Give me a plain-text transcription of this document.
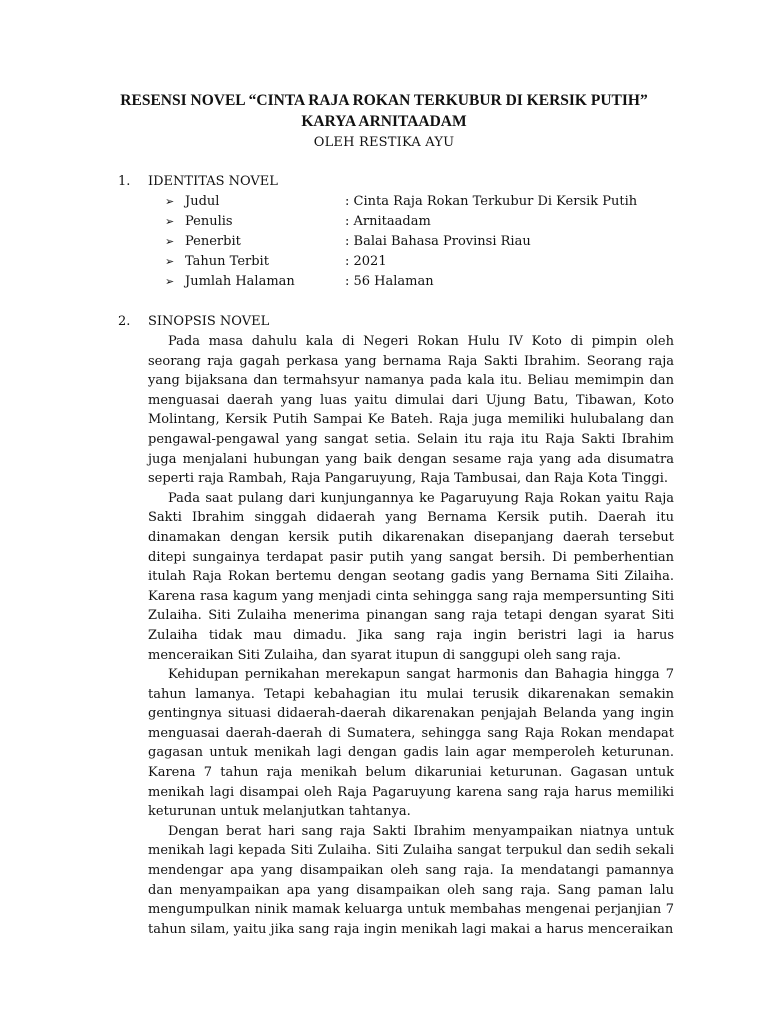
RESENSI NOVEL “CINTA RAJA ROKAN TERKUBUR DI KERSIK PUTIH”
KARYA ARNITAADAM
OLEH RESTIKA AYU
1. IDENTITAS NOVEL
➢ Judul	: Cinta Raja Rokan Terkubur Di Kersik Putih
➢ Penulis	: Arnitaadam
➢ Penerbit	: Balai Bahasa Provinsi Riau
➢ Tahun Terbit	: 2021
➢ Jumlah Halaman	: 56 Halaman
2. SINOPSIS NOVEL

Pada masa dahulu kala di Negeri Rokan Hulu IV Koto di pimpin oleh seorang raja gagah perkasa yang bernama Raja Sakti Ibrahim. Seorang raja yang bijaksana dan termahsyur namanya pada kala itu. Beliau memimpin dan menguasai daerah yang luas yaitu dimulai dari Ujung Batu, Tibawan, Koto Molintang, Kersik Putih Sampai Ke Bateh. Raja juga memiliki hulubalang dan pengawal-pengawal yang sangat setia. Selain itu raja itu Raja Sakti Ibrahim juga menjalani hubungan yang baik dengan sesame raja yang ada disumatra seperti raja Rambah, Raja Pangaruyung, Raja Tambusai, dan Raja Kota Tinggi.

Pada saat pulang dari kunjungannya ke Pagaruyung Raja Rokan yaitu Raja Sakti Ibrahim singgah didaerah yang Bernama Kersik putih. Daerah itu dinamakan dengan kersik putih dikarenakan disepanjang daerah tersebut ditepi sungainya terdapat pasir putih yang sangat bersih. Di pemberhentian itulah Raja Rokan bertemu dengan seotang gadis yang Bernama Siti Zilaiha. Karena rasa kagum yang menjadi cinta sehingga sang raja mempersunting Siti Zulaiha. Siti Zulaiha menerima pinangan sang raja tetapi dengan syarat Siti Zulaiha tidak mau dimadu. Jika sang raja ingin beristri lagi ia harus menceraikan Siti Zulaiha, dan syarat itupun di sanggupi oleh sang raja.

Kehidupan pernikahan merekapun sangat harmonis dan Bahagia hingga 7 tahun lamanya. Tetapi kebahagian itu mulai terusik dikarenakan semakin gentingnya situasi didaerah-daerah dikarenakan penjajah Belanda yang ingin menguasai daerah-daerah di Sumatera, sehingga sang Raja Rokan mendapat gagasan untuk menikah lagi dengan gadis lain agar memperoleh keturunan. Karena 7 tahun raja menikah belum dikaruniai keturunan. Gagasan untuk menikah lagi disampai oleh Raja Pagaruyung karena sang raja harus memiliki keturunan untuk melanjutkan tahtanya.

Dengan berat hari sang raja Sakti Ibrahim menyampaikan niatnya untuk menikah lagi kepada Siti Zulaiha. Siti Zulaiha sangat terpukul dan sedih sekali mendengar apa yang disampaikan oleh sang raja. Ia mendatangi pamannya dan menyampaikan apa yang disampaikan oleh sang raja. Sang paman lalu mengumpulkan ninik mamak keluarga untuk membahas mengenai perjanjian 7 tahun silam, yaitu jika sang raja ingin menikah lagi makai a harus menceraikan
